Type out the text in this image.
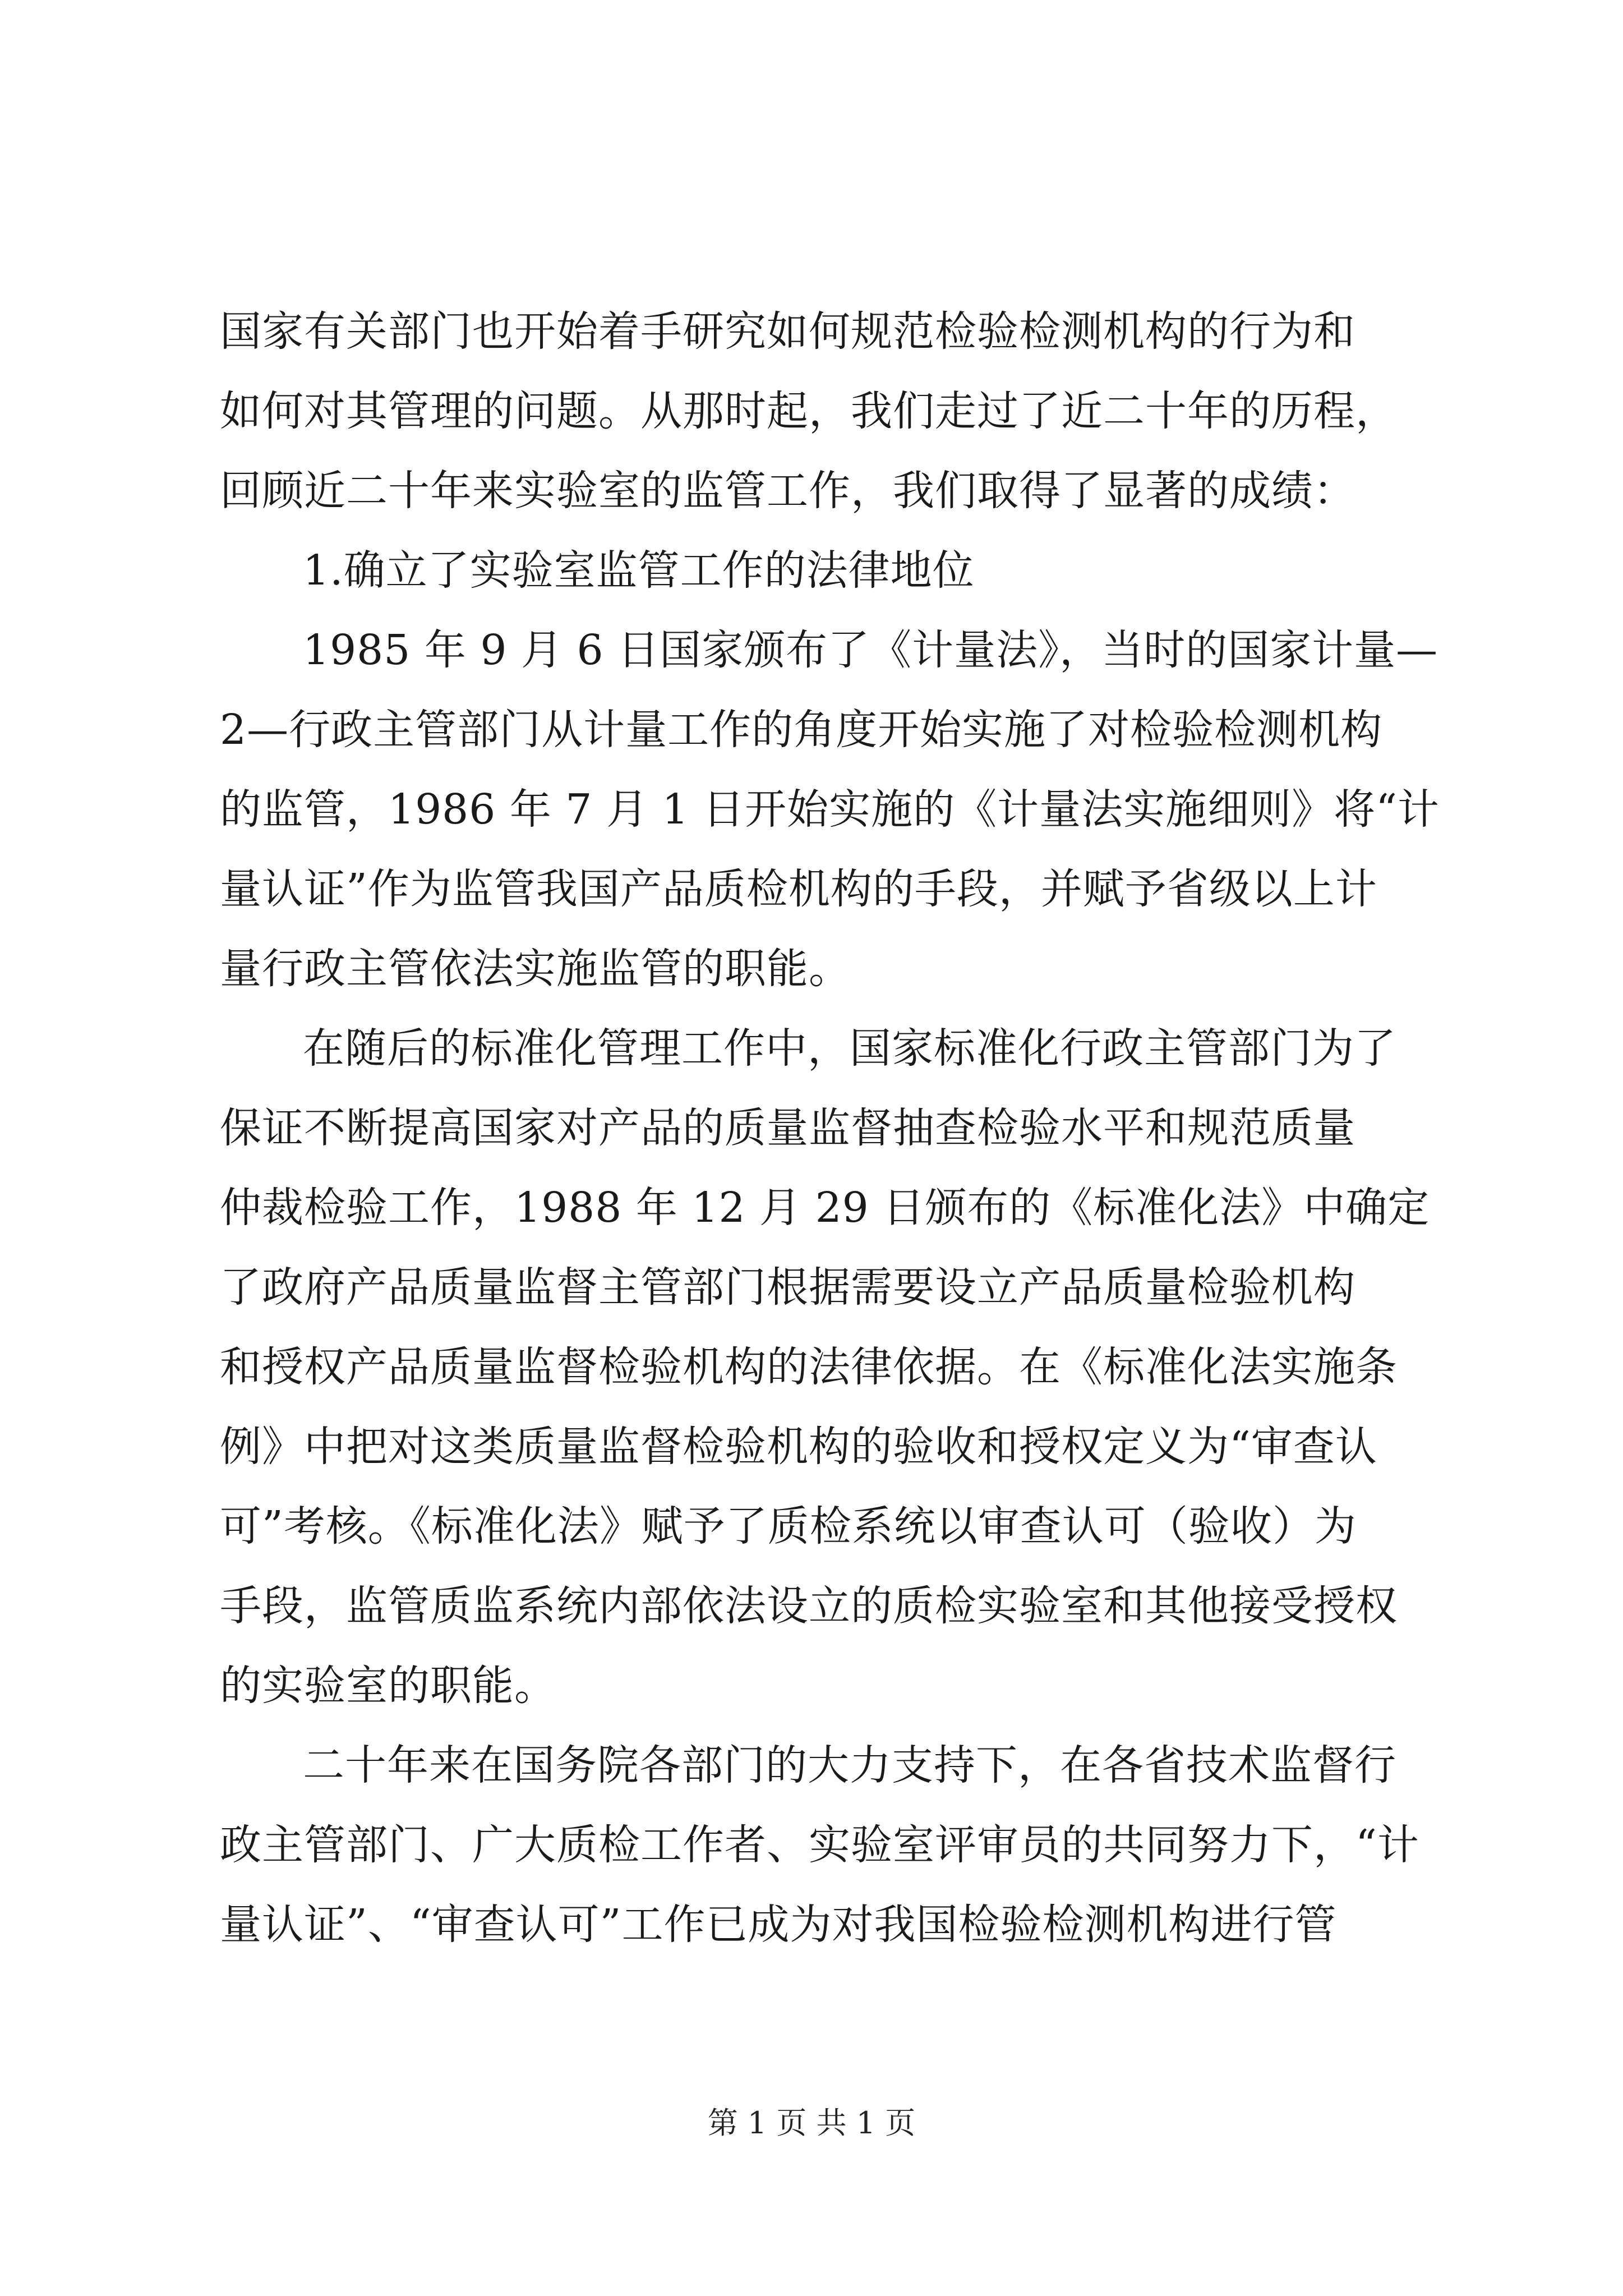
国家有关部门也开始着手研究如何规范检验检测机构的行为和
如何对其管理的问题。从那时起，我们走过了近二十年的历程，
回顾近二十年来实验室的监管工作，我们取得了显著的成绩：
1.确立了实验室监管工作的法律地位
1985 年 9 月 6 日国家颁布了《计量法》，当时的国家计量—
2—行政主管部门从计量工作的角度开始实施了对检验检测机构
的监管，1986 年 7 月 1 日开始实施的《计量法实施细则》将“计
量认证”作为监管我国产品质检机构的手段，并赋予省级以上计
量行政主管依法实施监管的职能。
在随后的标准化管理工作中，国家标准化行政主管部门为了
保证不断提高国家对产品的质量监督抽查检验水平和规范质量
仲裁检验工作，1988 年 12 月 29 日颁布的《标准化法》中确定
了政府产品质量监督主管部门根据需要设立产品质量检验机构
和授权产品质量监督检验机构的法律依据。在《标准化法实施条
例》中把对这类质量监督检验机构的验收和授权定义为“审查认
可”考核。《标准化法》赋予了质检系统以审查认可（验收）为
手段，监管质监系统内部依法设立的质检实验室和其他接受授权
的实验室的职能。
二十年来在国务院各部门的大力支持下，在各省技术监督行
政主管部门、广大质检工作者、实验室评审员的共同努力下，“计
量认证”、“审查认可”工作已成为对我国检验检测机构进行管
第 1 页 共 1 页
